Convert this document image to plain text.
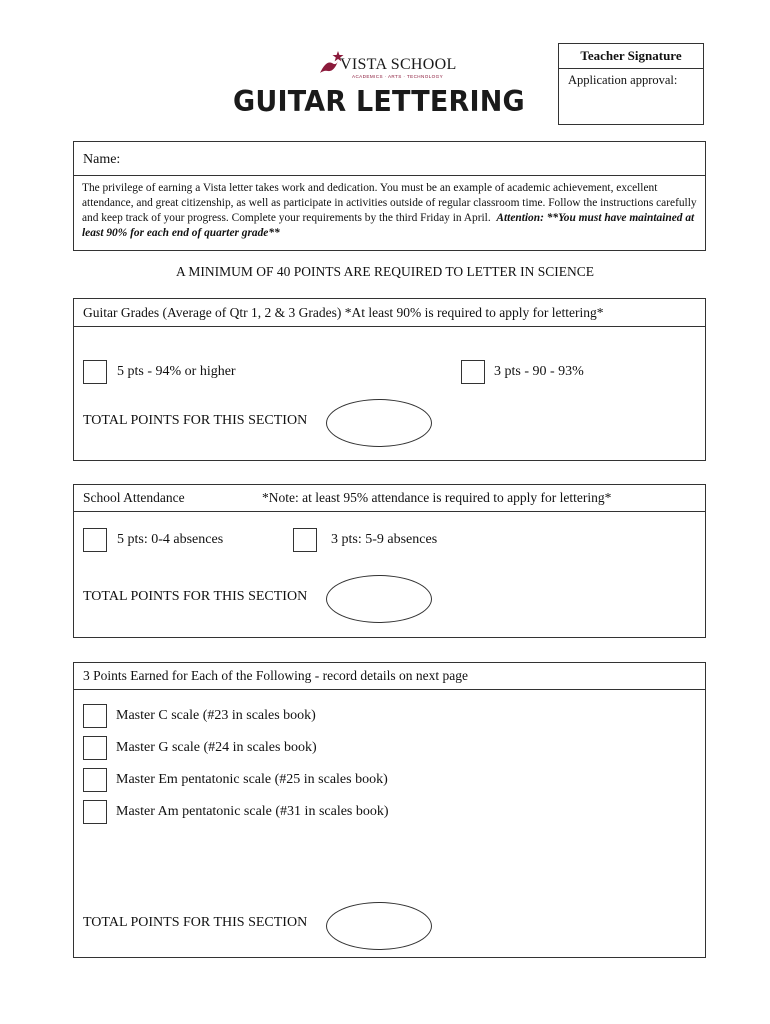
VISTA SCHOOL
ACADEMICS · ARTS · TECHNOLOGY
GUITAR LETTERING
Teacher Signature
Application approval:
Name:
The privilege of earning a Vista letter takes work and dedication. You must be an example of academic achievement, excellent attendance, and great citizenship, as well as participate in activities outside of regular classroom time. Follow the instructions carefully and keep track of your progress. Complete your requirements by the third Friday in April. Attention: **You must have maintained at least 90% for each end of quarter grade**
A MINIMUM OF 40 POINTS ARE REQUIRED TO LETTER IN SCIENCE
Guitar Grades (Average of Qtr 1, 2 & 3 Grades) *At least 90% is required to apply for lettering*
5 pts - 94% or higher	3 pts - 90 - 93%
TOTAL POINTS FOR THIS SECTION
School Attendance	*Note: at least 95% attendance is required to apply for lettering*
5 pts: 0-4 absences	3 pts: 5-9 absences
TOTAL POINTS FOR THIS SECTION
3 Points Earned for Each of the Following - record details on next page
Master C scale (#23 in scales book)
Master G scale (#24 in scales book)
Master Em pentatonic scale (#25 in scales book)
Master Am pentatonic scale (#31 in scales book)
TOTAL POINTS FOR THIS SECTION
